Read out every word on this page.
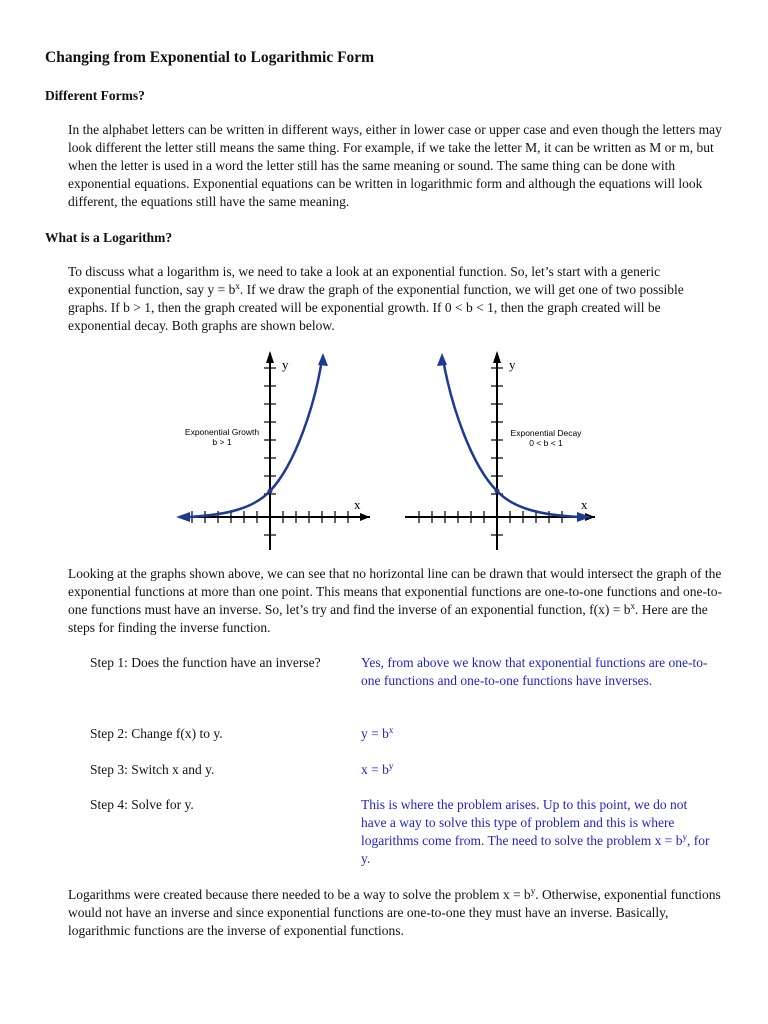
Changing from Exponential to Logarithmic Form
Different Forms?

In the alphabet letters can be written in different ways, either in lower case or upper case and even though the letters may look different the letter still means the same thing. For example, if we take the letter M, it can be written as M or m, but when the letter is used in a word the letter still has the same meaning or sound. The same thing can be done with exponential equations. Exponential equations can be written in logarithmic form and although the equations will look different, the equations still have the same meaning.

What is a Logarithm?

To discuss what a logarithm is, we need to take a look at an exponential function. So, let’s start with a generic exponential function, say $y = b^x$. If we draw the graph of the exponential function, we will get one of two possible graphs. If b > 1, then the graph created will be exponential growth. If 0 < b < 1, then the graph created will be exponential decay. Both graphs are shown below.

Exponential Growth
b > 1
y
x
Exponential Decay
0 < b < 1
y
x

Looking at the graphs shown above, we can see that no horizontal line can be drawn that would intersect the graph of the exponential functions at more than one point. This means that exponential functions are one-to-one functions and one-to-one functions must have an inverse. So, let’s try and find the inverse of an exponential function, $f(x) = b^x$. Here are the steps for finding the inverse function.

Step 1: Does the function have an inverse?	Yes, from above we know that exponential functions are one-to-one functions and one-to-one functions have inverses.
Step 2: Change f(x) to y.	$y = b^x$
Step 3: Switch x and y.	$x = b^y$
Step 4: Solve for y.	This is where the problem arises. Up to this point, we do not have a way to solve this type of problem and this is where logarithms come from. The need to solve the problem $x = b^y$, for y.

Logarithms were created because there needed to be a way to solve the problem $x = b^y$. Otherwise, exponential functions would not have an inverse and since exponential functions are one-to-one they must have an inverse. Basically, logarithmic functions are the inverse of exponential functions.
